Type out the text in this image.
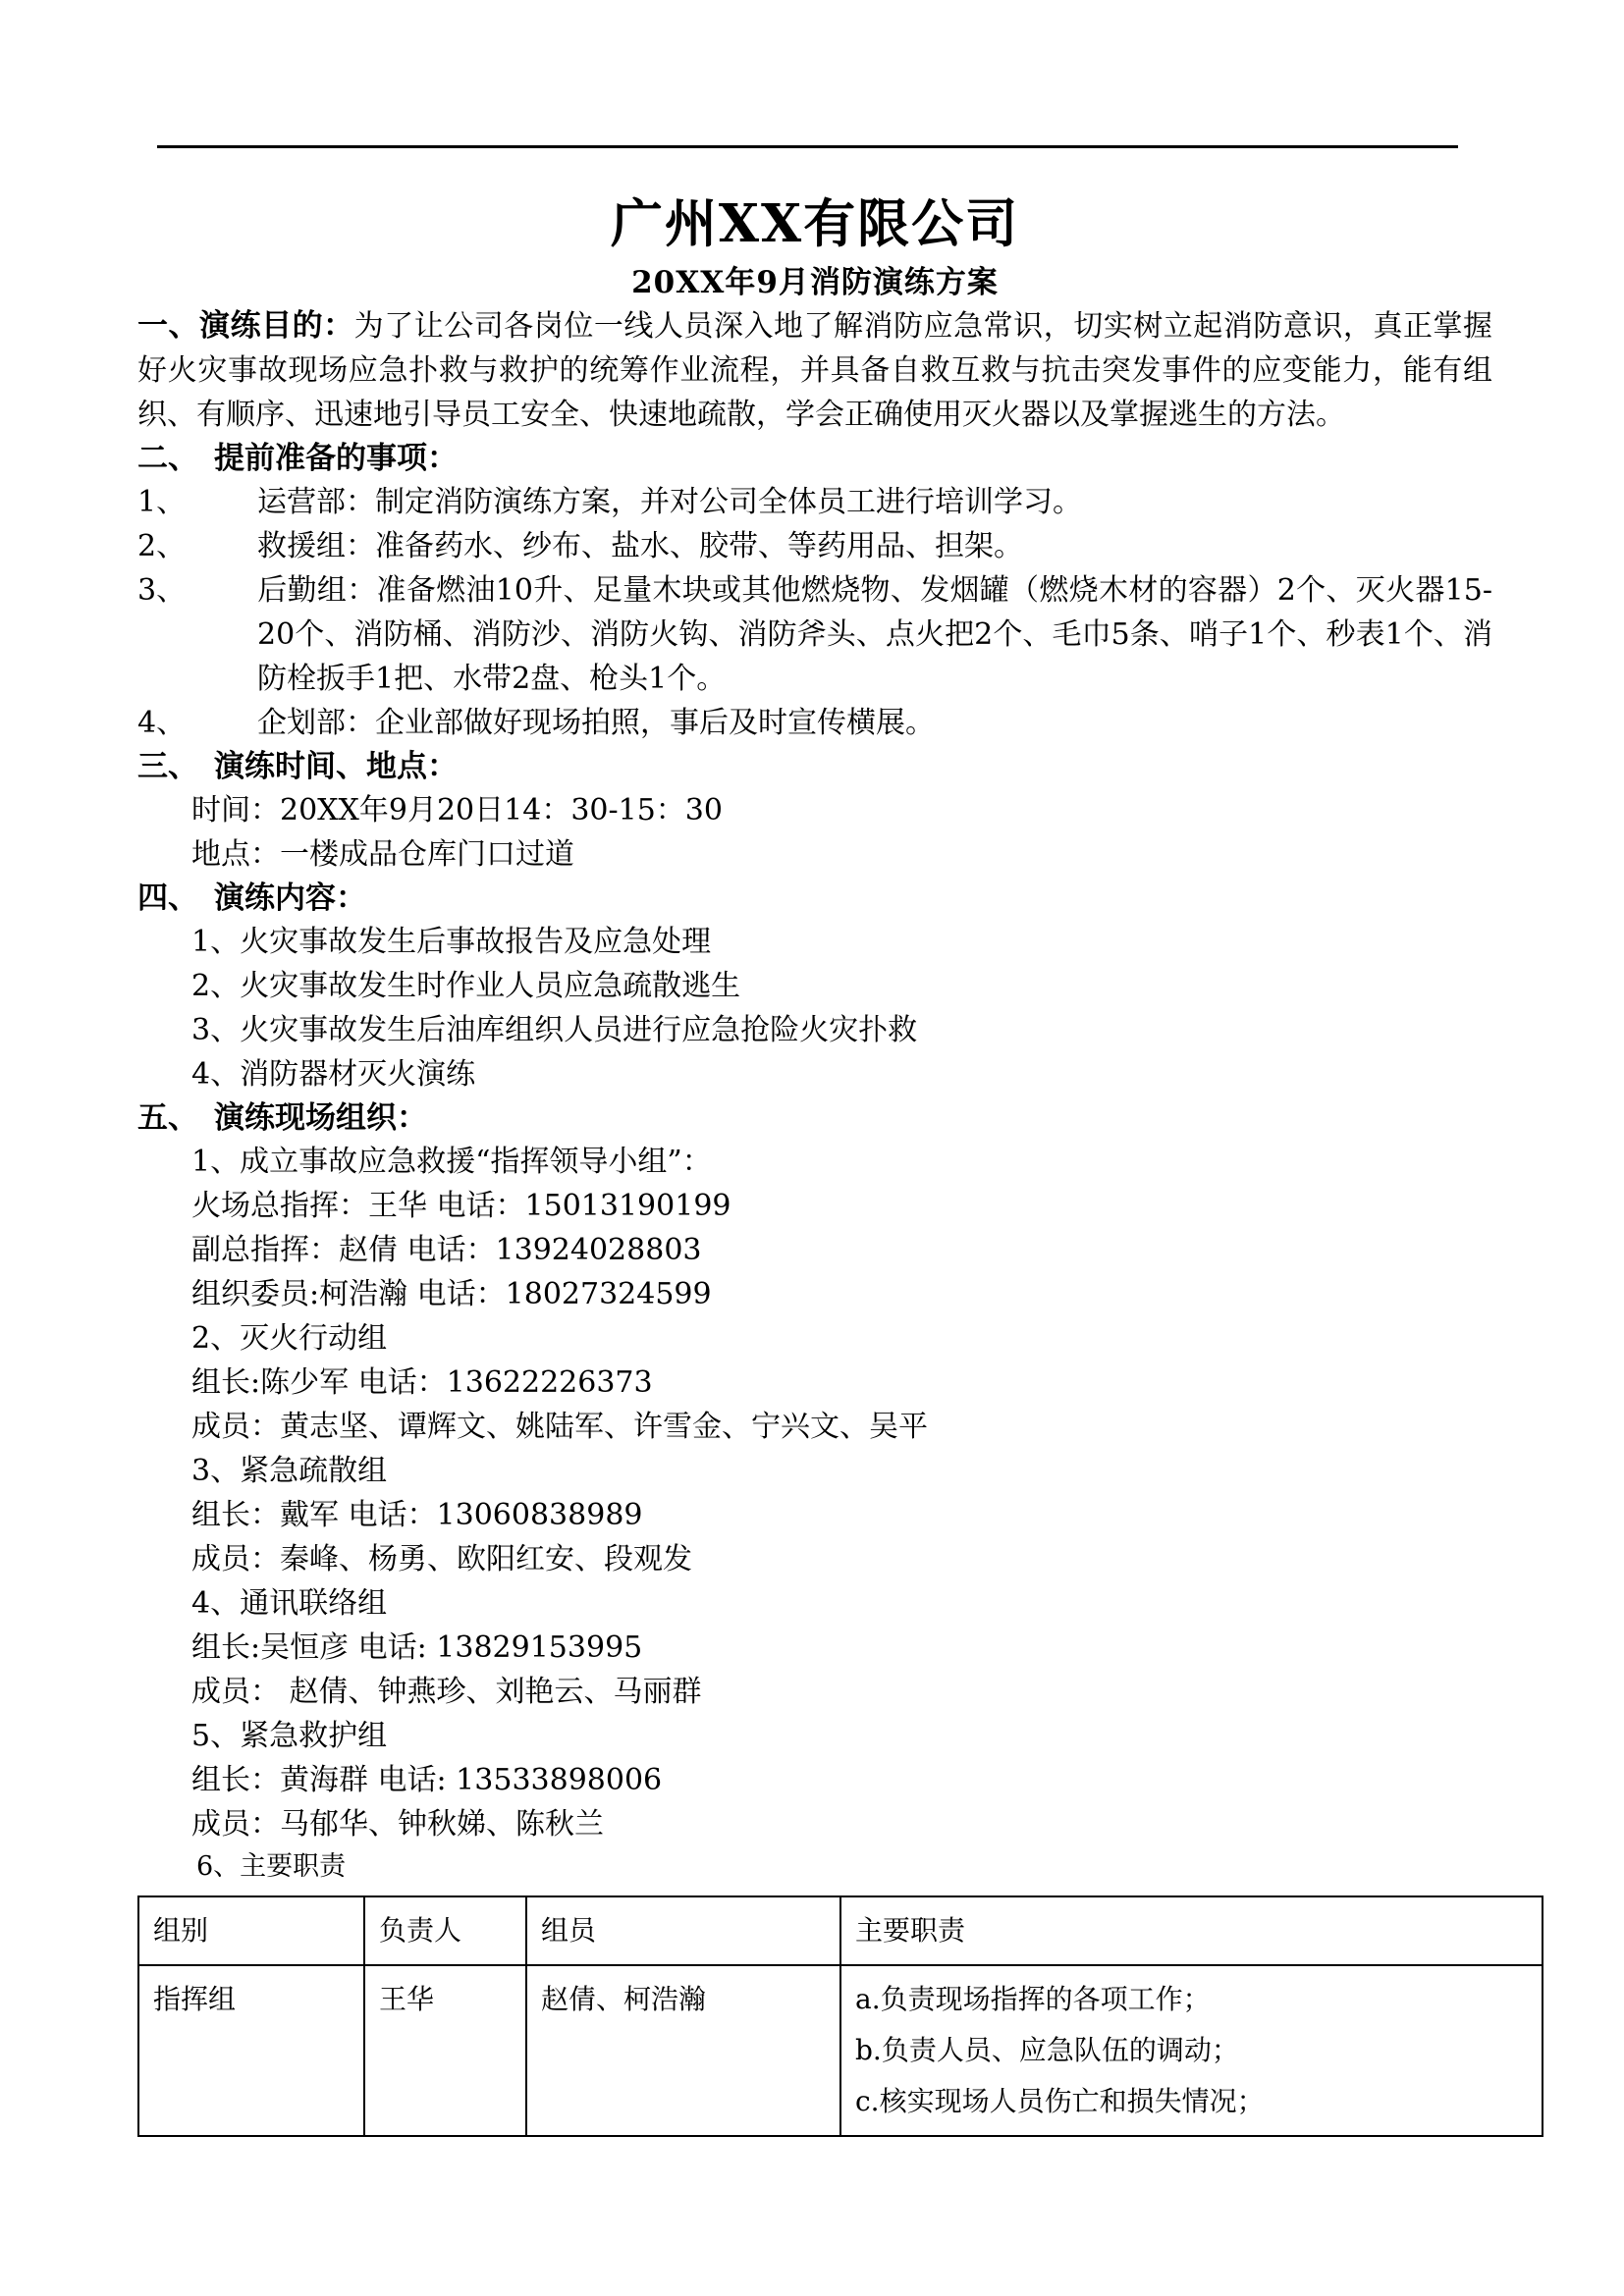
广州XX有限公司
20XX年9月消防演练方案

一、演练目的：为了让公司各岗位一线人员深入地了解消防应急常识，切实树立起消防意识，真正掌握好火灾事故现场应急扑救与救护的统筹作业流程，并具备自救互救与抗击突发事件的应变能力，能有组织、有顺序、迅速地引导员工安全、快速地疏散，学会正确使用灭火器以及掌握逃生的方法。

二、 提前准备的事项：

1、 运营部：制定消防演练方案，并对公司全体员工进行培训学习。

2、 救援组：准备药水、纱布、盐水、胶带、等药用品、担架。

3、 后勤组：准备燃油10升、足量木块或其他燃烧物、发烟罐（燃烧木材的容器）2个、灭火器15-20个、消防桶、消防沙、消防火钩、消防斧头、点火把2个、毛巾5条、哨子1个、秒表1个、消防栓扳手1把、水带2盘、枪头1个。

4、 企划部：企业部做好现场拍照，事后及时宣传横展。

三、 演练时间、地点：

时间：20XX年9月20日14：30-15：30

地点：一楼成品仓库门口过道

四、 演练内容：

1、火灾事故发生后事故报告及应急处理

2、火灾事故发生时作业人员应急疏散逃生

3、火灾事故发生后油库组织人员进行应急抢险火灾扑救

4、消防器材灭火演练

五、 演练现场组织：

1、成立事故应急救援“指挥领导小组”：

火场总指挥：王华 电话：15013190199

副总指挥：赵倩 电话：13924028803

组织委员:柯浩瀚 电话：18027324599

2、灭火行动组

组长:陈少军 电话：13622226373

成员：黄志坚、谭辉文、姚陆军、许雪金、宁兴文、吴平

3、紧急疏散组

组长：戴军 电话：13060838989

成员：秦峰、杨勇、欧阳红安、段观发

4、通讯联络组

组长:吴恒彦 电话: 13829153995

成员： 赵倩、钟燕珍、刘艳云、马丽群

5、紧急救护组

组长：黄海群 电话: 13533898006

成员：马郁华、钟秋娣、陈秋兰

6、主要职责

组别	负责人	组员	主要职责
指挥组	王华	赵倩、柯浩瀚	a.负责现场指挥的各项工作；
b.负责人员、应急队伍的调动；
c.核实现场人员伤亡和损失情况；
